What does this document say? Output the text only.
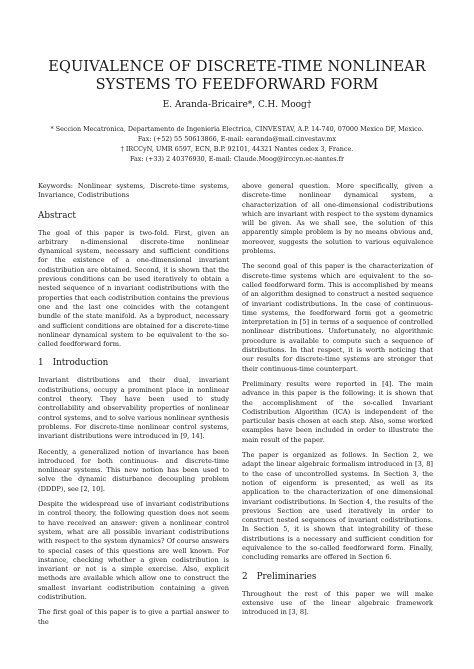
EQUIVALENCE OF DISCRETE-TIME NONLINEAR SYSTEMS TO FEEDFORWARD FORM
E. Aranda-Bricaire*, C.H. Moog†
* Seccion Mecatronica, Departamento de Ingenieria Electrica, CINVESTAV, A.P. 14-740, 07000 Mexico DF, Mexico.
Fax: (+52) 55 50613866, E-mail: earanda@mail.cinvestav.mx
† IRCCyN, UMR 6597, ECN, B.P. 92101, 44321 Nantes cedex 3, France.
Fax: (+33) 2 40376930, E-mail: Claude.Moog@irccyn.ec-nantes.fr

Keywords: Nonlinear systems, Discrete-time systems, Invariance, Codistributions

Abstract

The goal of this paper is two-fold. First, given an arbitrary n-dimensional discrete-time nonlinear dynamical system, necessary and sufficient conditions for the existence of a one-dimensional invariant codistribution are obtained. Second, it is shown that the previous conditions can be used iteratively to obtain a nested sequence of n invariant codistributions with the properties that each codistribution contains the previous one and the last one coincides with the cotangent bundle of the state manifold. As a byproduct, necessary and sufficient conditions are obtained for a discrete-time nonlinear dynamical system to be equivalent to the so-called feedforward form.

1 Introduction

Invariant distributions and their dual, invariant codistributions, occupy a prominent place in nonlinear control theory. They have been used to study controllability and observability properties of nonlinear control systems, and to solve various nonlinear synthesis problems. For discrete-time nonlinear control systems, invariant distributions were introduced in [9, 14].

Recently, a generalized notion of invariance has been introduced for both continuous- and discrete-time nonlinear systems. This new notion has been used to solve the dynamic disturbance decoupling problem (DDDP), see [2, 10].

Despite the widespread use of invariant codistributions in control theory, the following question does not seem to have received an answer: given a nonlinear control system, what are all possible invariant codistributions with respect to the system dynamics? Of course answers to special cases of this questions are well known. For instance, checking whether a given codistribution is invariant or not is a simple exercise. Also, explicit methods are available which allow one to construct the smallest invariant codistribution containing a given codistribution.

The first goal of this paper is to give a partial answer to the

above general question. More specifically, given a discrete-time nonlinear dynamical system, a characterization of all one-dimensional codistributions which are invariant with respect to the system dynamics will be given. As we shall see, the solution of this apparently simple problem is by no means obvious and, moreover, suggests the solution to various equivalence problems.

The second goal of this paper is the characterization of discrete-time systems which are equivalent to the so-called feedforward form. This is accomplished by means of an algorithm designed to construct a nested sequence of invariant codistributions. In the case of continuous-time systems, the feedforward form got a geometric interpretation in [5] in terms of a sequence of controlled nonlinear distributions. Unfortunately, no algorithmic procedure is available to compute such a sequence of distributions. In that respect, it is worth noticing that our results for discrete-time systems are stronger that their continuous-time counterpart.

Preliminary results were reported in [4]. The main advance in this paper is the following: it is shown that the accomplishment of the so-called Invariant Codistribution Algorithm (ICA) is independent of the particular basis chosen at each step. Also, some worked examples have been included in order to illustrate the main result of the paper.

The paper is organized as follows. In Section 2, we adapt the linear algebraic formalism introduced in [3, 8] to the case of uncontrolled systems. In Section 3, the notion of eigenform is presented, as well as its application to the characterization of one dimensional invariant codistributions. In Section 4, the results of the previous Section are used iteratively in order to construct nested sequences of invariant codistributions. In Section 5, it is shown that integrability of these distributions is a necessary and sufficient condition for equivalence to the so-called feedforward form. Finally, concluding remarks are offered in Section 6.

2 Preliminaries

Throughout the rest of this paper we will make extensive use of the linear algebraic framework introduced in [3, 8].
